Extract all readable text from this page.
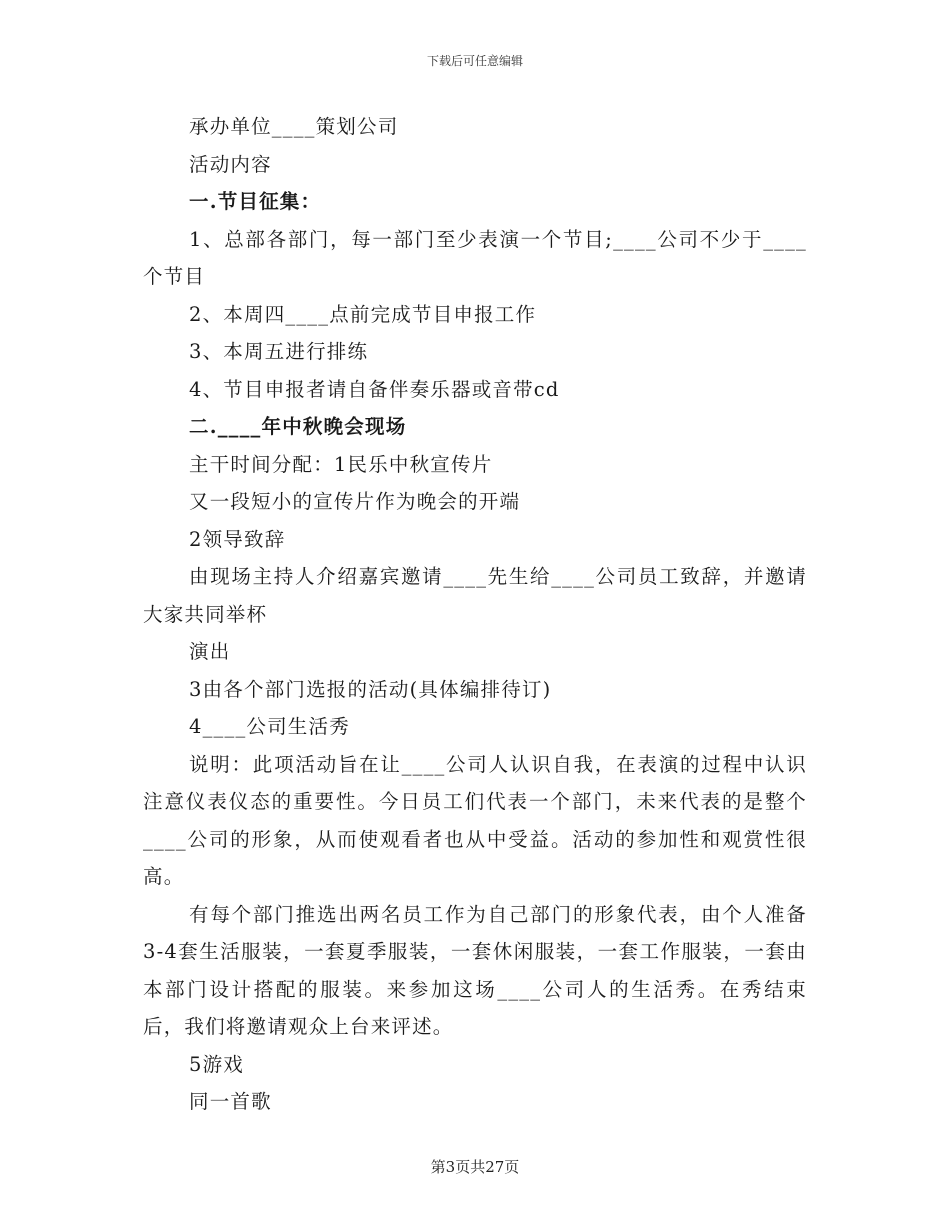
下载后可任意编辑

承办单位____策划公司

活动内容

一.节目征集：

1、总部各部门，每一部门至少表演一个节目;____公司不少于____个节目

2、本周四____点前完成节目申报工作

3、本周五进行排练

4、节目申报者请自备伴奏乐器或音带cd

二.____年中秋晚会现场

主干时间分配：1民乐中秋宣传片

又一段短小的宣传片作为晚会的开端

2领导致辞

由现场主持人介绍嘉宾邀请____先生给____公司员工致辞，并邀请大家共同举杯

演出

3由各个部门选报的活动(具体编排待订)

4____公司生活秀

说明：此项活动旨在让____公司人认识自我，在表演的过程中认识注意仪表仪态的重要性。今日员工们代表一个部门，未来代表的是整个____公司的形象，从而使观看者也从中受益。活动的参加性和观赏性很高。

有每个部门推选出两名员工作为自己部门的形象代表，由个人准备3-4套生活服装，一套夏季服装，一套休闲服装，一套工作服装，一套由本部门设计搭配的服装。来参加这场____公司人的生活秀。在秀结束后，我们将邀请观众上台来评述。

5游戏

同一首歌

第3页共27页
